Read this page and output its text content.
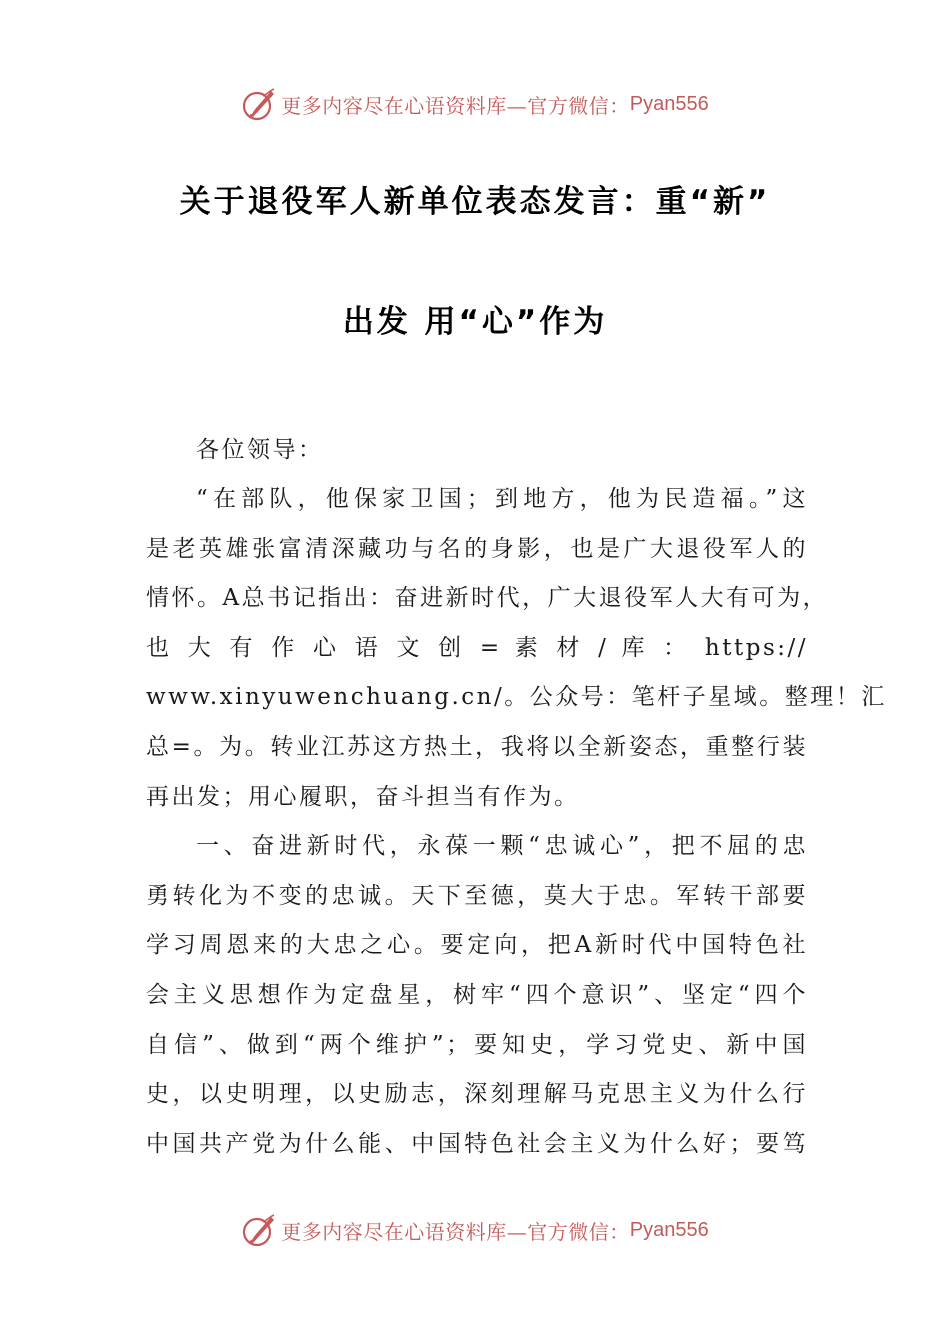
更多内容尽在心语资料库—官方微信： Pyan556
关于退役军人新单位表态发言：重“新”
出发 用“心”作为
各位领导：
“在部队，他保家卫国；到地方，他为民造福。”这
是老英雄张富清深藏功与名的身影，也是广大退役军人的
情怀。A总书记指出：奋进新时代，广大退役军人大有可为，
也 大 有 作 心 语 文 创 = 素 材 / 库 ： https://
www.xinyuwenchuang.cn/。公众号：笔杆子星域。整理！汇
总=。为。转业江苏这方热土，我将以全新姿态，重整行装
再出发；用心履职，奋斗担当有作为。
一、奋进新时代，永葆一颗“忠诚心”，把不屈的忠
勇转化为不变的忠诚。天下至德，莫大于忠。军转干部要
学习周恩来的大忠之心。要定向，把A新时代中国特色社
会主义思想作为定盘星，树牢“四个意识”、坚定“四个
自信”、做到“两个维护”；要知史，学习党史、新中国
史，以史明理，以史励志，深刻理解马克思主义为什么行
中国共产党为什么能、中国特色社会主义为什么好；要笃
更多内容尽在心语资料库—官方微信： Pyan556
